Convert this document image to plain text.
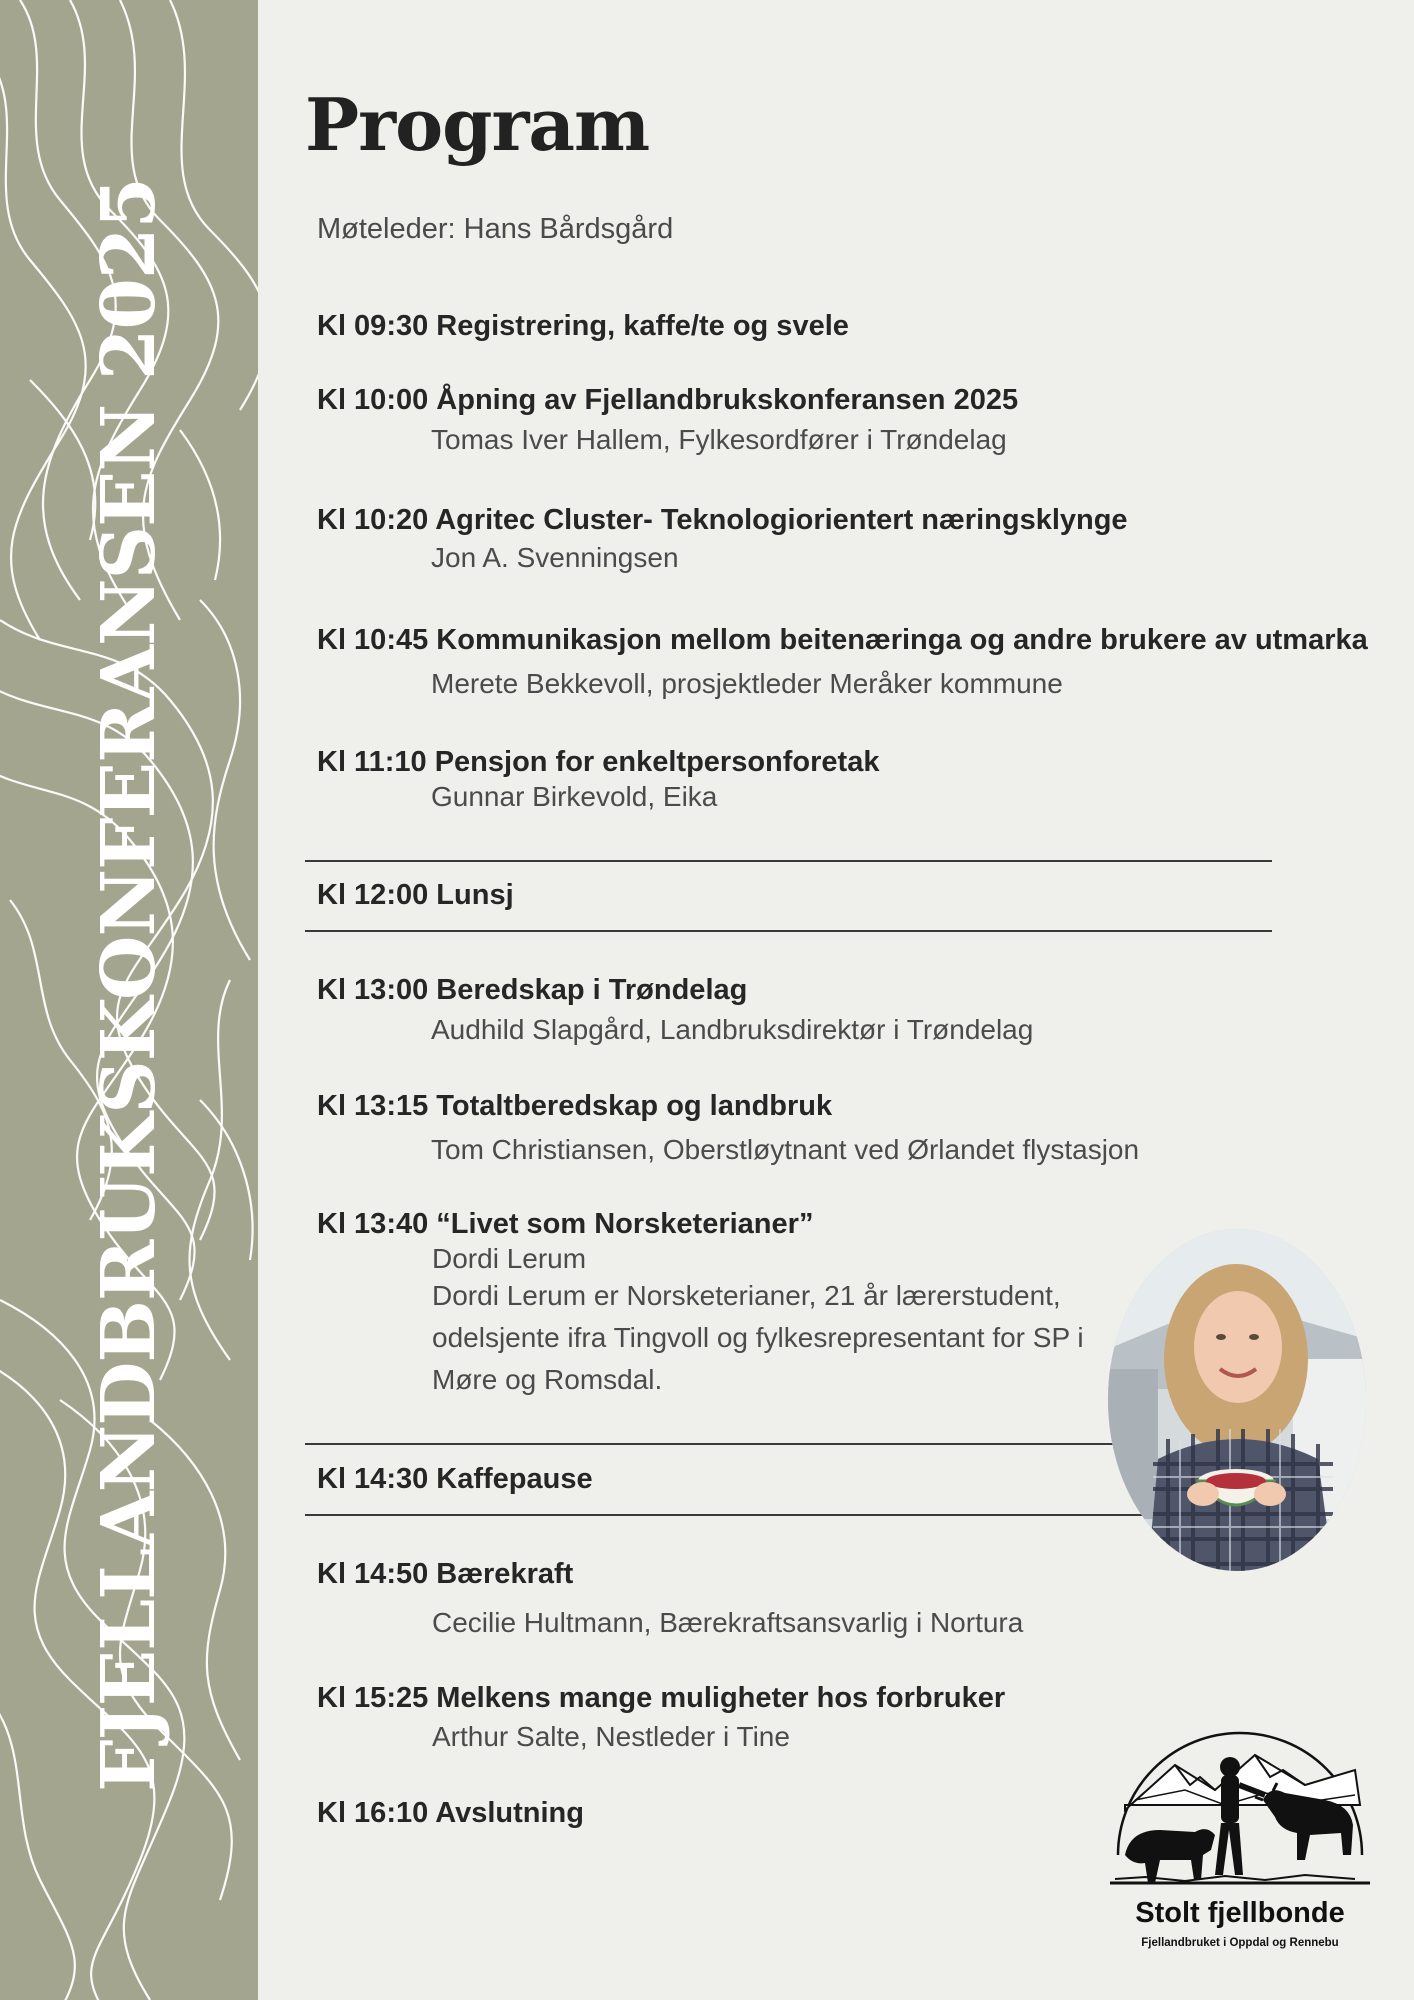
FJELLANDBRUKSKONFERANSEN 2025
Program
Møteleder: Hans Bårdsgård
Kl 09:30 Registrering, kaffe/te og svele
Kl 10:00 Åpning av Fjellandbrukskonferansen 2025
Tomas Iver Hallem, Fylkesordfører i Trøndelag
Kl 10:20 Agritec Cluster- Teknologiorientert næringsklynge
Jon A. Svenningsen
Kl 10:45 Kommunikasjon mellom beitenæringa og andre brukere av utmarka
Merete Bekkevoll, prosjektleder Meråker kommune
Kl 11:10 Pensjon for enkeltpersonforetak
Gunnar Birkevold, Eika
Kl 12:00 Lunsj
Kl 13:00 Beredskap i Trøndelag
Audhild Slapgård, Landbruksdirektør i Trøndelag
Kl 13:15 Totaltberedskap og landbruk
Tom Christiansen, Oberstløytnant ved Ørlandet flystasjon
Kl 13:40 “Livet som Norsketerianer”
Dordi Lerum
Dordi Lerum er Norsketerianer, 21 år lærerstudent, odelsjente ifra Tingvoll og fylkesrepresentant for SP i Møre og Romsdal.
Kl 14:30 Kaffepause
Kl 14:50 Bærekraft
Cecilie Hultmann, Bærekraftsansvarlig i Nortura
Kl 15:25 Melkens mange muligheter hos forbruker
Arthur Salte, Nestleder i Tine
Kl 16:10 Avslutning
Stolt fjellbonde
Fjellandbruket i Oppdal og Rennebu
